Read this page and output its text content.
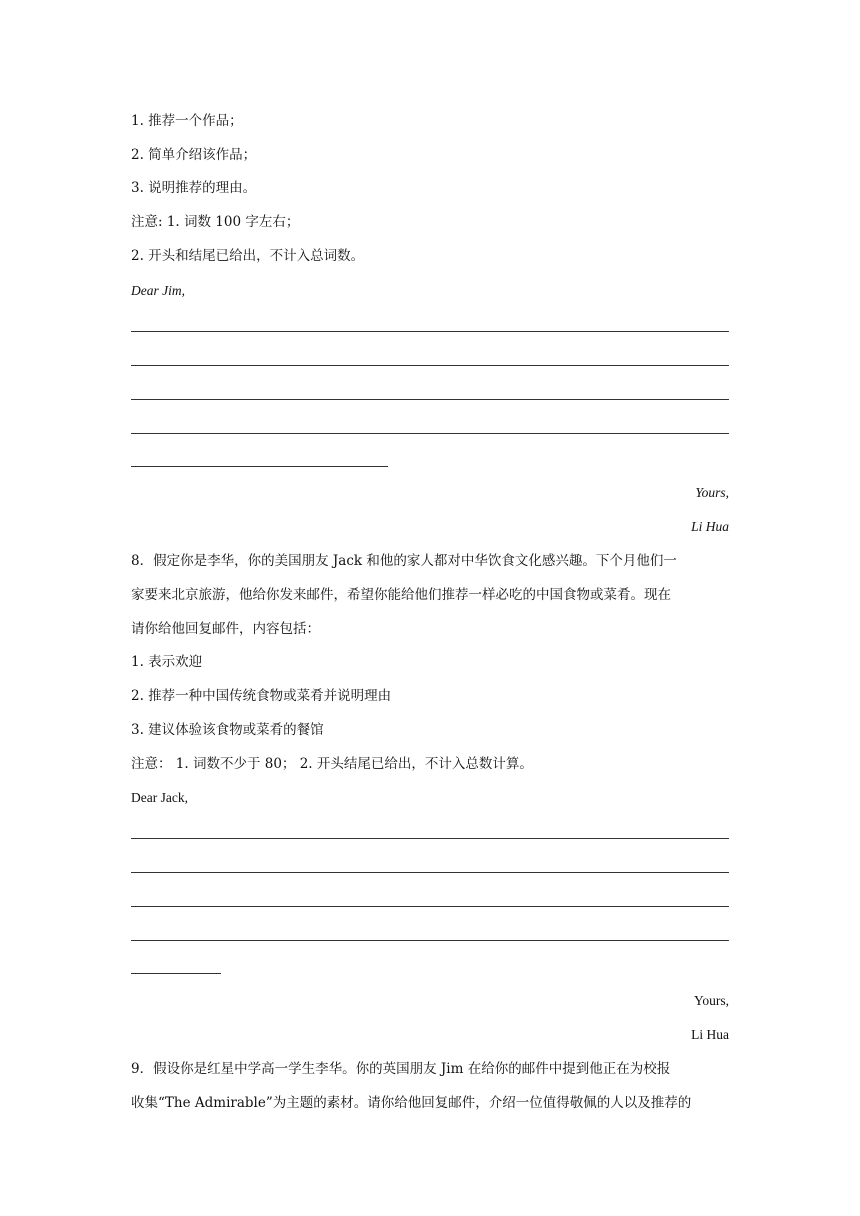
1. 推荐一个作品；
2. 简单介绍该作品；
3. 说明推荐的理由。
注意: 1. 词数 100 字左右；
2. 开头和结尾已给出，不计入总词数。
Dear Jim,
Yours,
Li Hua
8．假定你是李华，你的美国朋友 Jack 和他的家人都对中华饮食文化感兴趣。下个月他们一
家要来北京旅游，他给你发来邮件，希望你能给他们推荐一样必吃的中国食物或菜肴。现在
请你给他回复邮件，内容包括：
1. 表示欢迎
2. 推荐一种中国传统食物或菜肴并说明理由
3. 建议体验该食物或菜肴的餐馆
注意： 1. 词数不少于 80； 2. 开头结尾已给出，不计入总数计算。
Dear Jack,
Yours,
Li Hua
9．假设你是红星中学高一学生李华。你的英国朋友 Jim 在给你的邮件中提到他正在为校报
收集“The Admirable”为主题的素材。请你给他回复邮件，介绍一位值得敬佩的人以及推荐的
